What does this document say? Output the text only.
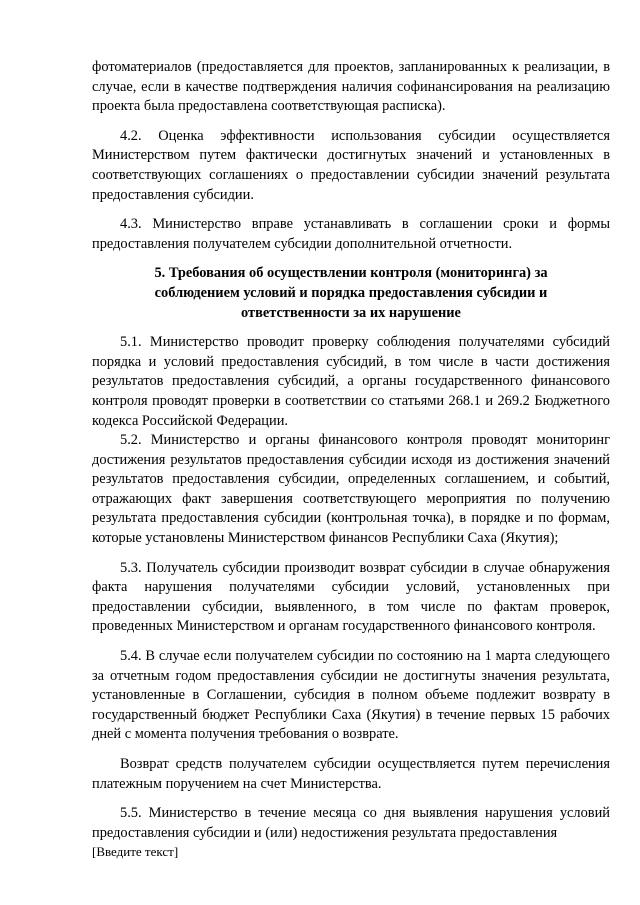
фотоматериалов (предоставляется для проектов, запланированных к реализации, в случае, если в качестве подтверждения наличия софинансирования на реализацию проекта была предоставлена соответствующая расписка).

4.2. Оценка эффективности использования субсидии осуществляется Министерством путем фактически достигнутых значений и установленных в соответствующих соглашениях о предоставлении субсидии значений результата предоставления субсидии.

4.3. Министерство вправе устанавливать в соглашении сроки и формы предоставления получателем субсидии дополнительной отчетности.

5. Требования об осуществлении контроля (мониторинга) за соблюдением условий и порядка предоставления субсидии и ответственности за их нарушение

5.1. Министерство проводит проверку соблюдения получателями субсидий порядка и условий предоставления субсидий, в том числе в части достижения результатов предоставления субсидий, а органы государственного финансового контроля проводят проверки в соответствии со статьями 268.1 и 269.2 Бюджетного кодекса Российской Федерации.

5.2. Министерство и органы финансового контроля проводят мониторинг достижения результатов предоставления субсидии исходя из достижения значений результатов предоставления субсидии, определенных соглашением, и событий, отражающих факт завершения соответствующего мероприятия по получению результата предоставления субсидии (контрольная точка), в порядке и по формам, которые установлены Министерством финансов Республики Саха (Якутия);

5.3. Получатель субсидии производит возврат субсидии в случае обнаружения факта нарушения получателями субсидии условий, установленных при предоставлении субсидии, выявленного, в том числе по фактам проверок, проведенных Министерством и органам государственного финансового контроля.

5.4. В случае если получателем субсидии по состоянию на 1 марта следующего за отчетным годом предоставления субсидии не достигнуты значения результата, установленные в Соглашении, субсидия в полном объеме подлежит возврату в государственный бюджет Республики Саха (Якутия) в течение первых 15 рабочих дней с момента получения требования о возврате.

Возврат средств получателем субсидии осуществляется путем перечисления платежным поручением на счет Министерства.

5.5. Министерство в течение месяца со дня выявления нарушения условий предоставления субсидии и (или) недостижения результата предоставления

[Введите текст]
